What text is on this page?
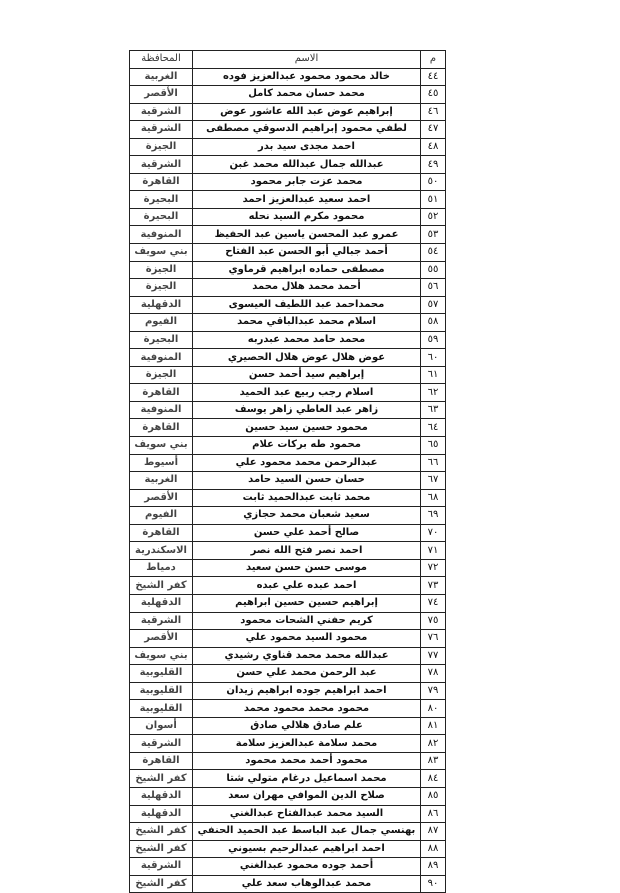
م	الاسم	المحافظة
٤٤	خالد محمود محمود عبدالعزيز فوده	الغربية
٤٥	محمد حسان محمد كامل	الأقصر
٤٦	إبراهيم عوض عبد الله عاشور عوض	الشرقية
٤٧	لطفي محمود إبراهيم الدسوقي مصطفى	الشرقية
٤٨	احمد مجدى سيد بدر	الجيزة
٤٩	عبدالله جمال عبدالله محمد غبن	الشرقية
٥٠	محمد عزت جابر محمود	القاهرة
٥١	احمد سعيد عبدالعزيز احمد	البحيرة
٥٢	محمود مكرم السيد نحله	البحيرة
٥٣	عمرو عبد المحسن ياسين عبد الحفيظ	المنوفية
٥٤	أحمد جبالي أبو الحسن عبد الفتاح	بني سويف
٥٥	مصطفى حماده ابراهيم قرماوي	الجيزة
٥٦	أحمد محمد هلال محمد	الجيزة
٥٧	محمداحمد عبد اللطيف العيسوى	الدقهلية
٥٨	اسلام محمد عبدالباقي محمد	الفيوم
٥٩	محمد حامد محمد عبدربه	البحيرة
٦٠	عوض هلال عوض هلال الحصيري	المنوفية
٦١	إبراهيم سيد أحمد حسن	الجيزة
٦٢	اسلام رجب ربيع عبد الحميد	القاهرة
٦٣	زاهر عبد العاطي زاهر يوسف	المنوفية
٦٤	محمود حسين سيد حسين	القاهرة
٦٥	محمود طه بركات علام	بني سويف
٦٦	عبدالرحمن محمد محمود علي	أسيوط
٦٧	حسان حسن السيد حامد	الغربية
٦٨	محمد ثابت عبدالحميد ثابت	الأقصر
٦٩	سعيد شعبان محمد حجازي	الفيوم
٧٠	صالح أحمد علي حسن	القاهرة
٧١	احمد نصر فتح الله نصر	الاسكندرية
٧٢	موسى حسن حسن سعيد	دمياط
٧٣	احمد عبده علي عبده	كفر الشيخ
٧٤	إبراهيم حسين حسين ابراهيم	الدقهلية
٧٥	كريم حفني الشحات محمود	الشرقية
٧٦	محمود السيد محمود علي	الأقصر
٧٧	عبدالله محمد محمد قناوي رشيدي	بني سويف
٧٨	عبد الرحمن محمد علي حسن	القليوبية
٧٩	احمد ابراهيم جوده ابراهيم زيدان	القليوبية
٨٠	محمود محمد محمود محمد	القليوبية
٨١	علم صادق هلالي صادق	أسوان
٨٢	محمد سلامة عبدالعزيز سلامة	الشرقية
٨٣	محمود أحمد محمد محمود	القاهرة
٨٤	محمد اسماعيل درغام متولي شتا	كفر الشيخ
٨٥	صلاح الدين الموافي مهران سعد	الدقهلية
٨٦	السيد محمد عبدالفتاح عبدالغني	الدقهلية
٨٧	بهنسي جمال عبد الباسط عبد الحميد الحنفي	كفر الشيخ
٨٨	احمد ابراهيم عبدالرحيم بسيوني	كفر الشيخ
٨٩	أحمد جوده محمود عبدالغني	الشرقية
٩٠	محمد عبدالوهاب سعد علي	كفر الشيخ
